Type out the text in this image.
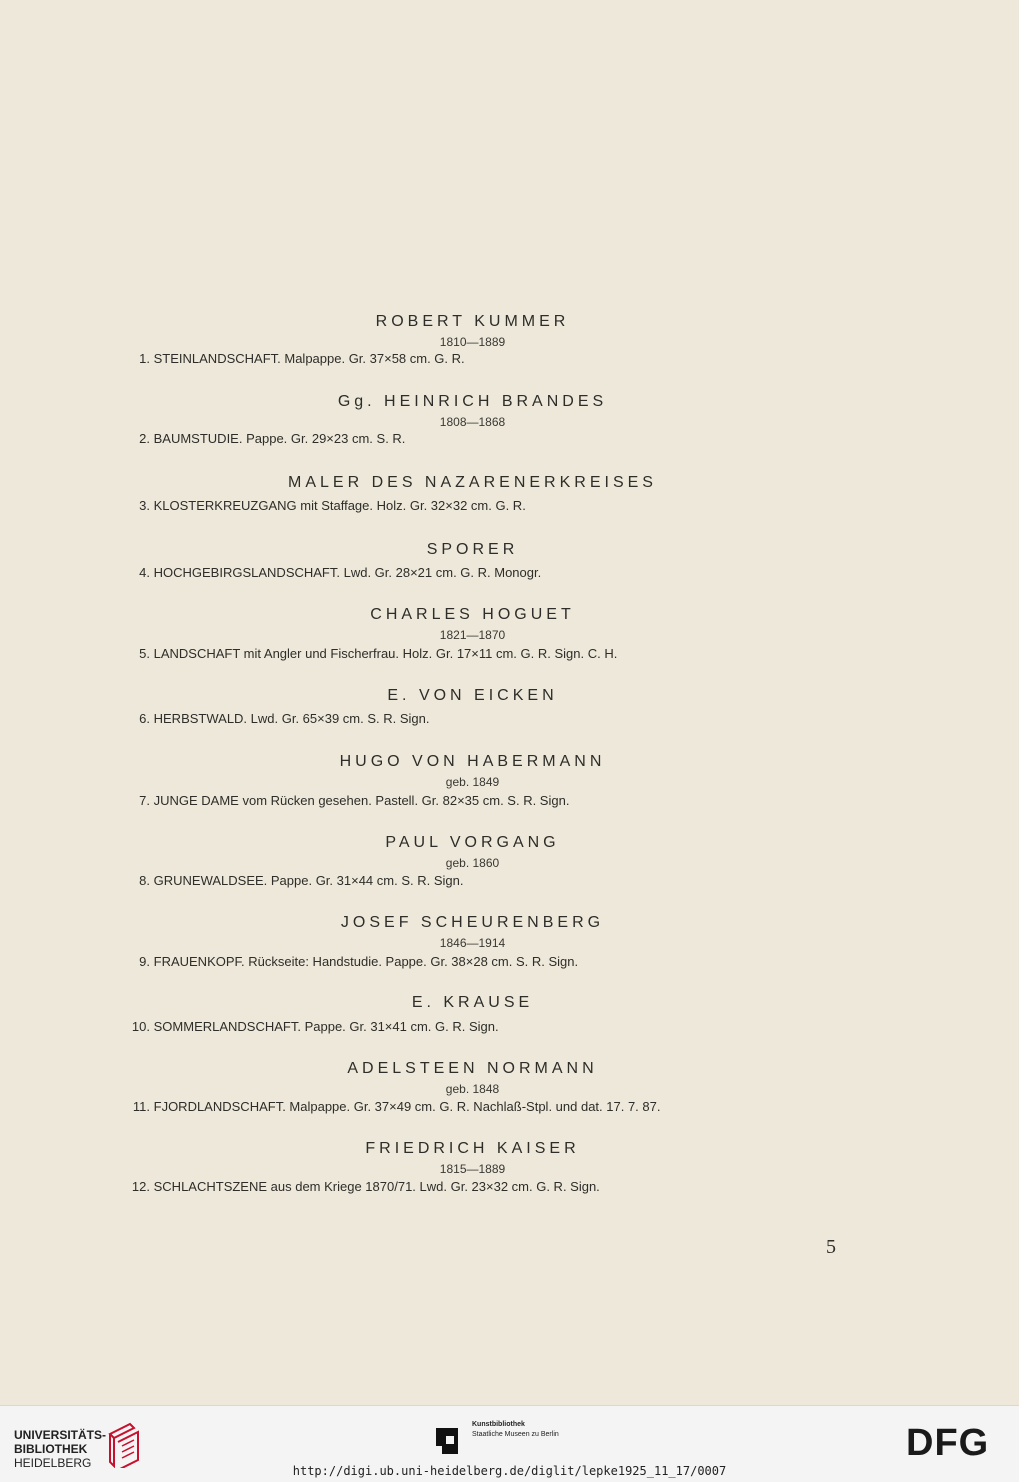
ROBERT KUMMER
1810—1889
1. STEINLANDSCHAFT. Malpappe. Gr. 37×58 cm. G. R.
Gg. HEINRICH BRANDES
1808—1868
2. BAUMSTUDIE. Pappe. Gr. 29×23 cm. S. R.
MALER DES NAZARENERKREISES
3. KLOSTERKREUZGANG mit Staffage. Holz. Gr. 32×32 cm. G. R.
SPORER
4. HOCHGEBIRGSLANDSCHAFT. Lwd. Gr. 28×21 cm. G. R. Monogr.
CHARLES HOGUET
1821—1870
5. LANDSCHAFT mit Angler und Fischerfrau. Holz. Gr. 17×11 cm. G. R. Sign. C. H.
E. VON EICKEN
6. HERBSTWALD. Lwd. Gr. 65×39 cm. S. R. Sign.
HUGO VON HABERMANN
geb. 1849
7. JUNGE DAME vom Rücken gesehen. Pastell. Gr. 82×35 cm. S. R. Sign.
PAUL VORGANG
geb. 1860
8. GRUNEWALDSEE. Pappe. Gr. 31×44 cm. S. R. Sign.
JOSEF SCHEURENBERG
1846—1914
9. FRAUENKOPF. Rückseite: Handstudie. Pappe. Gr. 38×28 cm. S. R. Sign.
E. KRAUSE
10. SOMMERLANDSCHAFT. Pappe. Gr. 31×41 cm. G. R. Sign.
ADELSTEEN NORMANN
geb. 1848
11. FJORDLANDSCHAFT. Malpappe. Gr. 37×49 cm. G. R. Nachlaß-Stpl. und dat. 17. 7. 87.
FRIEDRICH KAISER
1815—1889
12. SCHLACHTSZENE aus dem Kriege 1870/71. Lwd. Gr. 23×32 cm. G. R. Sign.
5
UNIVERSITÄTS-
BIBLIOTHEK
HEIDELBERG
Kunstbibliothek
Staatliche Museen zu Berlin	DFG
http://digi.ub.uni-heidelberg.de/diglit/lepke1925_11_17/0007
